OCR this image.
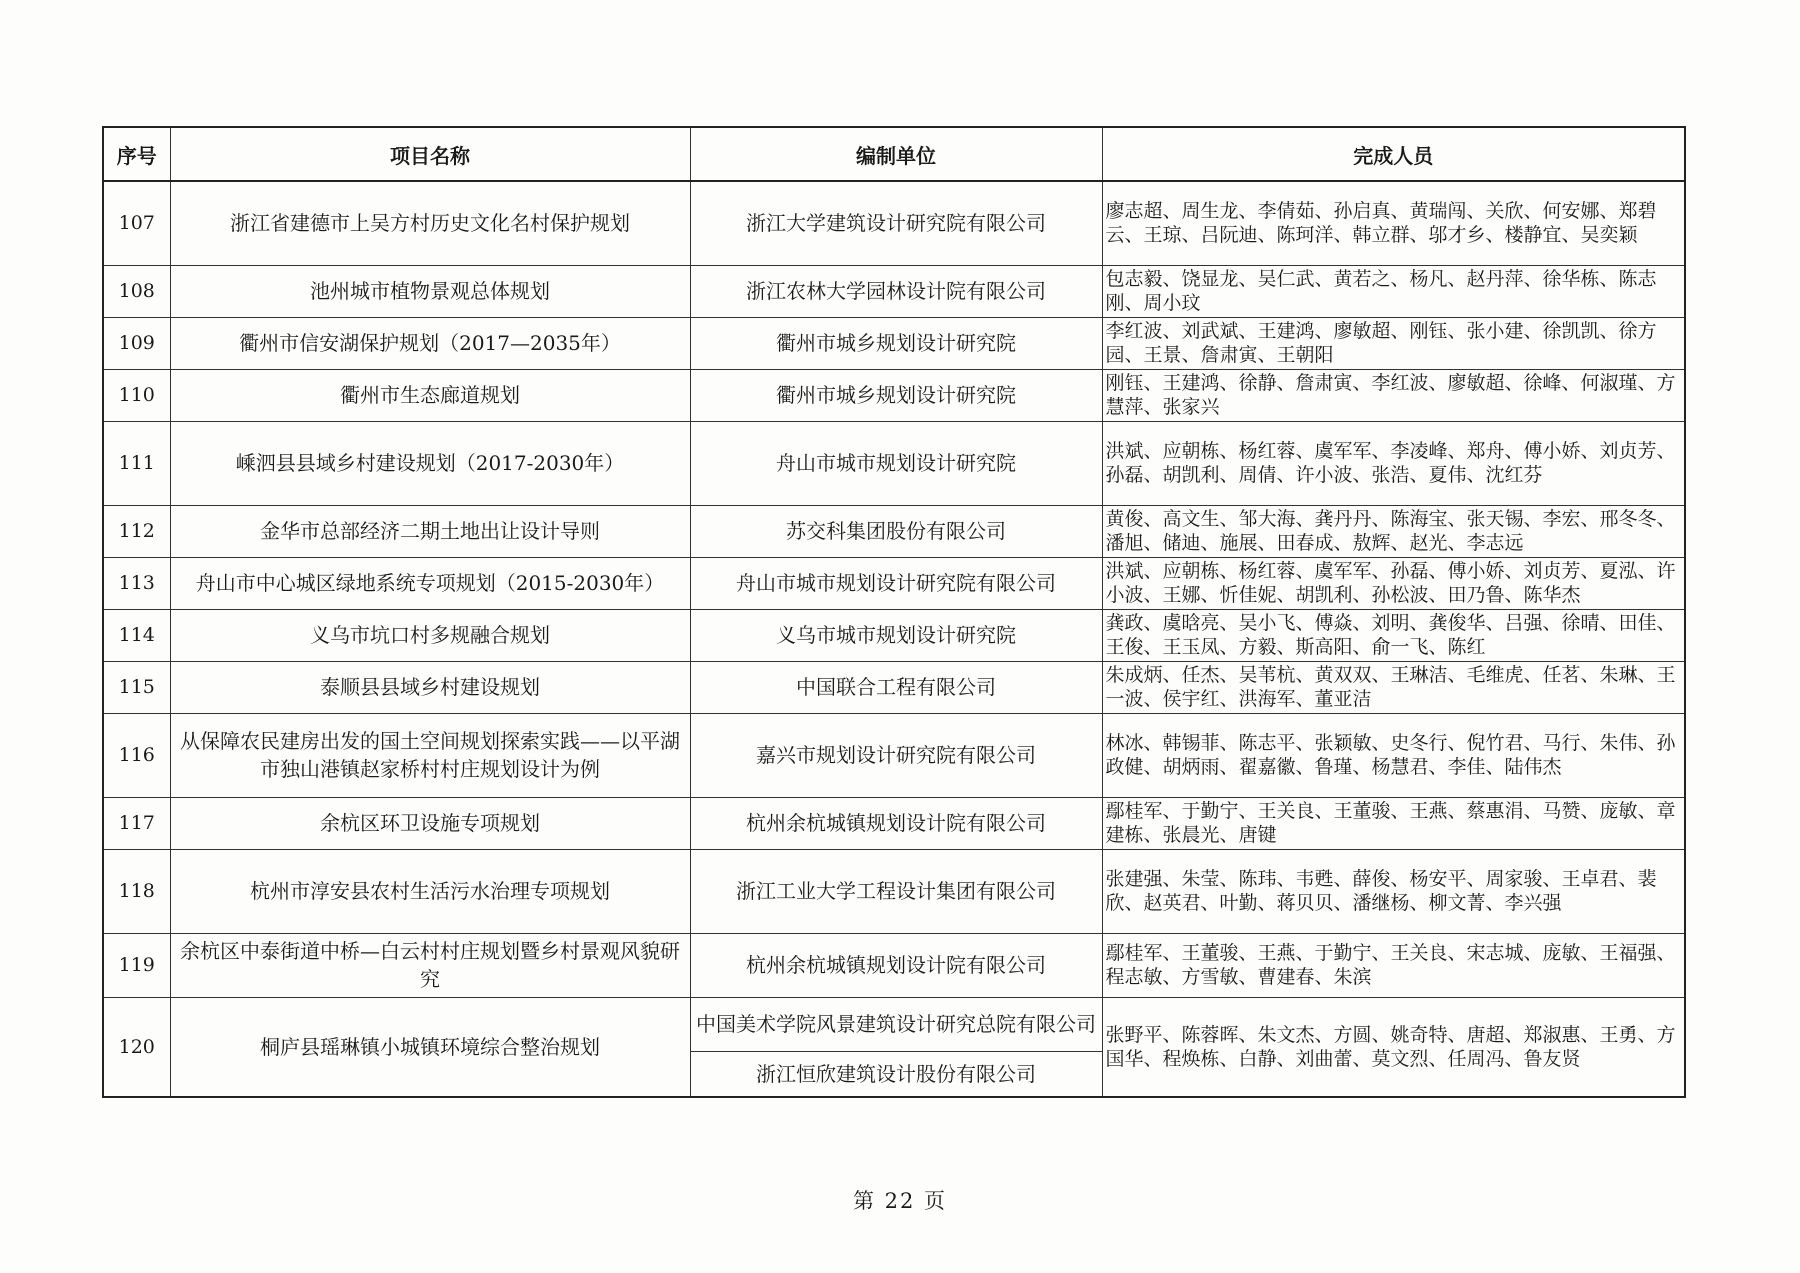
序号	项目名称	编制单位	完成人员
107	浙江省建德市上吴方村历史文化名村保护规划	浙江大学建筑设计研究院有限公司	廖志超、周生龙、李倩茹、孙启真、黄瑞闯、关欣、何安娜、郑碧云、王琼、吕阮迪、陈珂洋、韩立群、邬才乡、楼静宜、吴奕颖
108	池州城市植物景观总体规划	浙江农林大学园林设计院有限公司	包志毅、饶显龙、吴仁武、黄若之、杨凡、赵丹萍、徐华栋、陈志刚、周小玟
109	衢州市信安湖保护规划（2017—2035年）	衢州市城乡规划设计研究院	李红波、刘武斌、王建鸿、廖敏超、刚钰、张小建、徐凯凯、徐方园、王景、詹肃寅、王朝阳
110	衢州市生态廊道规划	衢州市城乡规划设计研究院	刚钰、王建鸿、徐静、詹肃寅、李红波、廖敏超、徐峰、何淑瑾、方慧萍、张家兴
111	嵊泗县县域乡村建设规划（2017-2030年）	舟山市城市规划设计研究院	洪斌、应朝栋、杨红蓉、虞军军、李凌峰、郑舟、傅小娇、刘贞芳、孙磊、胡凯利、周倩、许小波、张浩、夏伟、沈红芬
112	金华市总部经济二期土地出让设计导则	苏交科集团股份有限公司	黄俊、高文生、邹大海、龚丹丹、陈海宝、张天锡、李宏、邢冬冬、潘旭、储迪、施展、田春成、敖辉、赵光、李志远
113	舟山市中心城区绿地系统专项规划（2015-2030年）	舟山市城市规划设计研究院有限公司	洪斌、应朝栋、杨红蓉、虞军军、孙磊、傅小娇、刘贞芳、夏泓、许小波、王娜、忻佳妮、胡凯利、孙松波、田乃鲁、陈华杰
114	义乌市坑口村多规融合规划	义乌市城市规划设计研究院	龚政、虞晗亮、吴小飞、傅焱、刘明、龚俊华、吕强、徐晴、田佳、王俊、王玉凤、方毅、斯高阳、俞一飞、陈红
115	泰顺县县域乡村建设规划	中国联合工程有限公司	朱成炳、任杰、吴苇杭、黄双双、王琳洁、毛维虎、任茗、朱琳、王一波、侯宇红、洪海军、董亚洁
116	从保障农民建房出发的国土空间规划探索实践——以平湖市独山港镇赵家桥村村庄规划设计为例	嘉兴市规划设计研究院有限公司	林冰、韩锡菲、陈志平、张颖敏、史冬行、倪竹君、马行、朱伟、孙政健、胡炳雨、翟嘉徽、鲁瑾、杨慧君、李佳、陆伟杰
117	余杭区环卫设施专项规划	杭州余杭城镇规划设计院有限公司	鄢桂军、于勤宁、王关良、王董骏、王燕、蔡惠涓、马赞、庞敏、章建栋、张晨光、唐键
118	杭州市淳安县农村生活污水治理专项规划	浙江工业大学工程设计集团有限公司	张建强、朱莹、陈玮、韦甦、薛俊、杨安平、周家骏、王卓君、裴欣、赵英君、叶勤、蒋贝贝、潘继杨、柳文菁、李兴强
119	余杭区中泰街道中桥—白云村村庄规划暨乡村景观风貌研究	杭州余杭城镇规划设计院有限公司	鄢桂军、王董骏、王燕、于勤宁、王关良、宋志城、庞敏、王福强、程志敏、方雪敏、曹建春、朱滨
120	桐庐县瑶琳镇小城镇环境综合整治规划	中国美术学院风景建筑设计研究总院有限公司	张野平、陈蓉晖、朱文杰、方圆、姚奇特、唐超、郑淑惠、王勇、方国华、程焕栋、白静、刘曲蕾、莫文烈、任周冯、鲁友贤
		浙江恒欣建筑设计股份有限公司	
第 22 页
